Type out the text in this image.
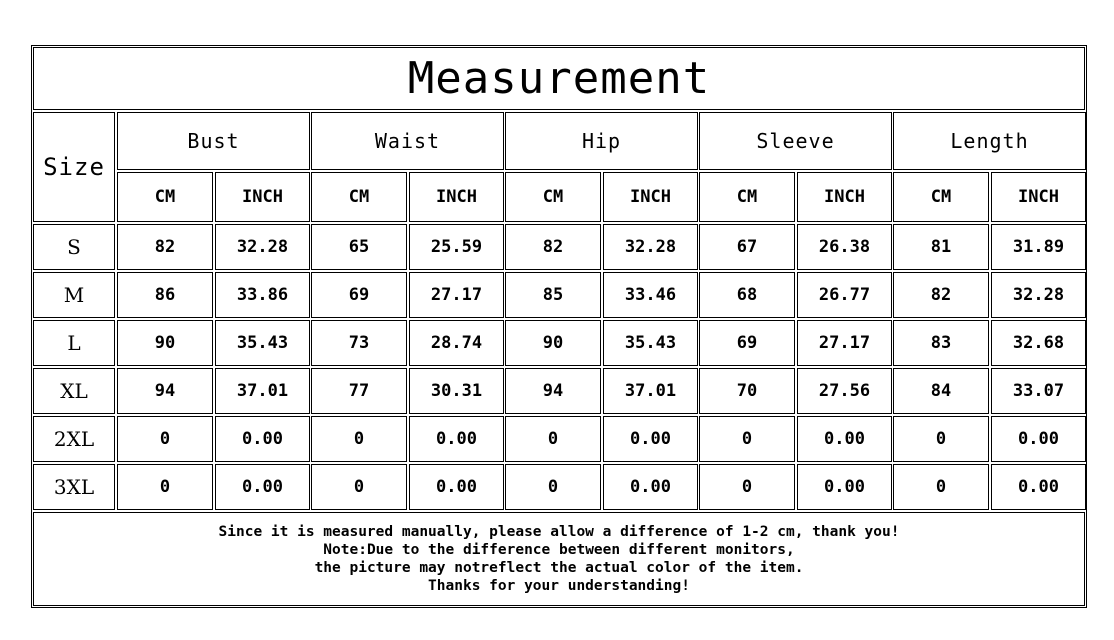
Measurement
Size
Bust
CM	INCH
Waist
CM	INCH
Hip
CM	INCH
Sleeve
CM	INCH
Length
CM	INCH
S	82	32.28	65	25.59	82	32.28	67	26.38	81	31.89
M	86	33.86	69	27.17	85	33.46	68	26.77	82	32.28
L	90	35.43	73	28.74	90	35.43	69	27.17	83	32.68
XL	94	37.01	77	30.31	94	37.01	70	27.56	84	33.07
2XL	0	0.00	0	0.00	0	0.00	0	0.00	0	0.00
3XL	0	0.00	0	0.00	0	0.00	0	0.00	0	0.00
Since it is measured manually, please allow a difference of 1-2 cm, thank you!
Note:Due to the difference between different monitors,
the picture may notreflect the actual color of the item.
Thanks for your understanding!
